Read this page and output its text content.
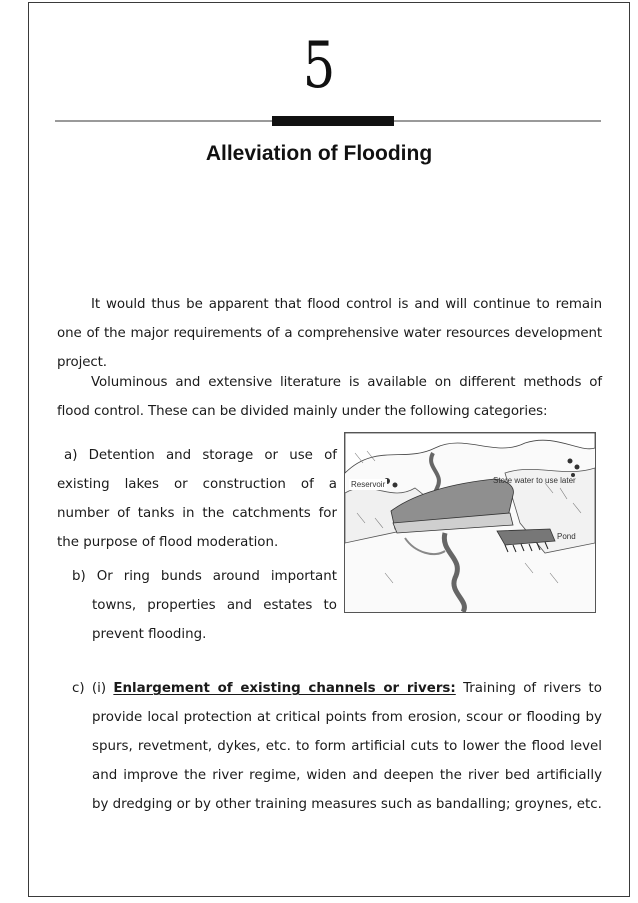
5
Alleviation of Flooding

It would thus be apparent that flood control is and will continue to remain one of the major requirements of a comprehensive water resources development project.

Voluminous and extensive literature is available on different methods of flood control. These can be divided mainly under the following categories:

a) Detention and storage or use of existing lakes or construction of a number of tanks in the catchments for the purpose of flood moderation.
b) Or ring bunds around important towns, properties and estates to prevent flooding.
c) (i) Enlargement of existing channels or rivers: Training of rivers to provide local protection at critical points from erosion, scour or flooding by spurs, revetment, dykes, etc. to form artificial cuts to lower the flood level and improve the river regime, widen and deepen the river bed artificially by dredging or by other training measures such as bandalling; groynes, etc.
Reservoir	Store water to use later
Pond
